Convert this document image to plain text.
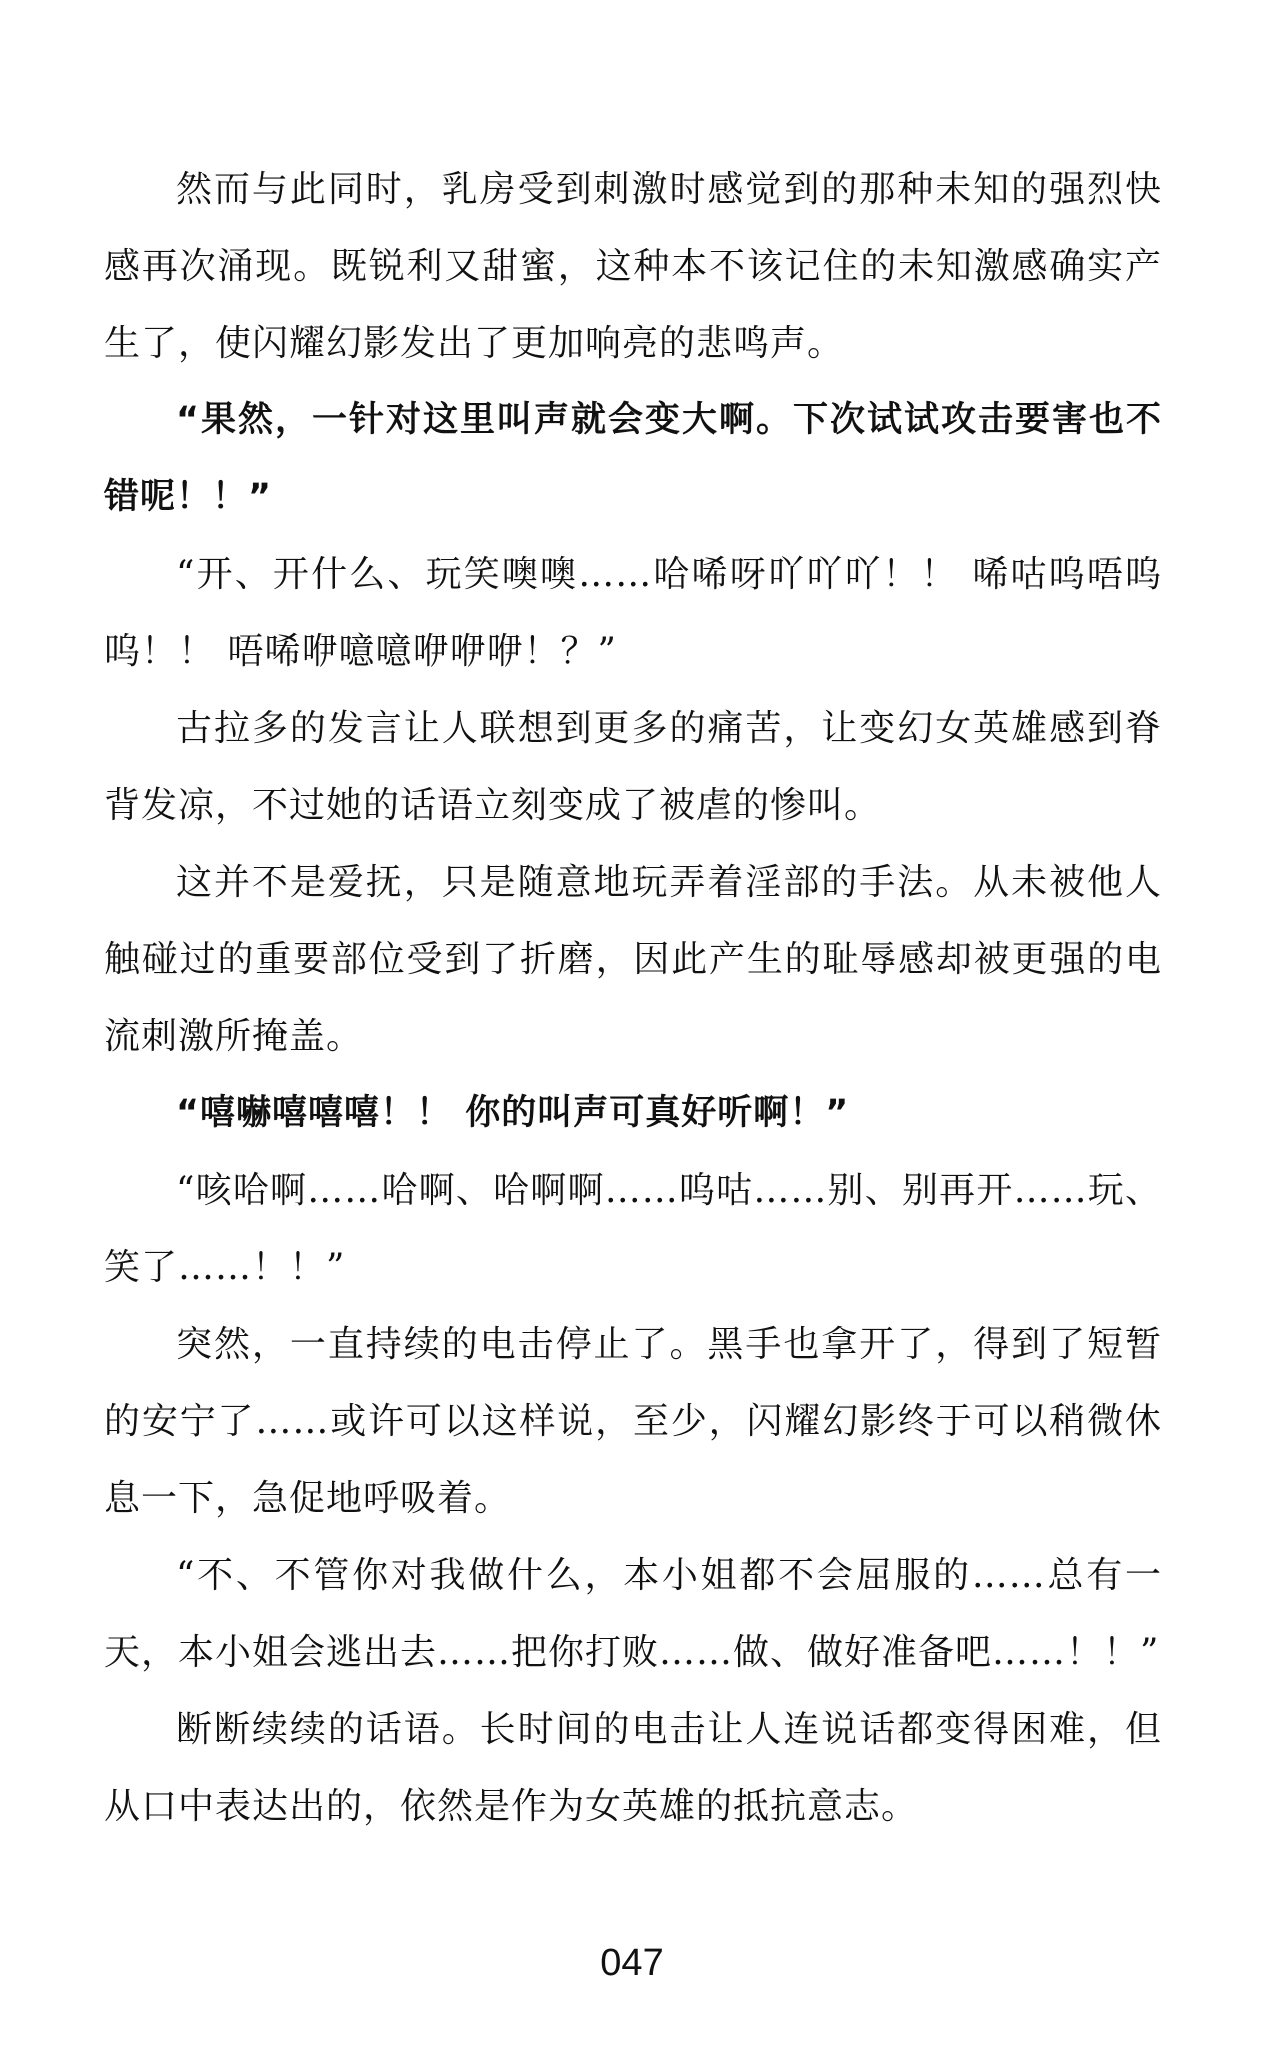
然而与此同时，乳房受到刺激时感觉到的那种未知的强烈快感再次涌现。既锐利又甜蜜，这种本不该记住的未知激感确实产生了，使闪耀幻影发出了更加响亮的悲鸣声。

“果然，一针对这里叫声就会变大啊。下次试试攻击要害也不错呢！！”

“开、开什么、玩笑噢噢……哈唏呀吖吖吖！！ 唏咕呜唔呜呜！！ 唔唏咿噫噫咿咿咿！？”

古拉多的发言让人联想到更多的痛苦，让变幻女英雄感到脊背发凉，不过她的话语立刻变成了被虐的惨叫。

这并不是爱抚，只是随意地玩弄着淫部的手法。从未被他人触碰过的重要部位受到了折磨，因此产生的耻辱感却被更强的电流刺激所掩盖。

“嘻嚇嘻嘻嘻！！ 你的叫声可真好听啊！”

“咳哈啊……哈啊、哈啊啊……呜咕……别、别再开……玩、笑了……！！”

突然，一直持续的电击停止了。黑手也拿开了，得到了短暂的安宁了……或许可以这样说，至少，闪耀幻影终于可以稍微休息一下，急促地呼吸着。

“不、不管你对我做什么，本小姐都不会屈服的……总有一天，本小姐会逃出去……把你打败……做、做好准备吧……！！”

断断续续的话语。长时间的电击让人连说话都变得困难，但从口中表达出的，依然是作为女英雄的抵抗意志。

047
